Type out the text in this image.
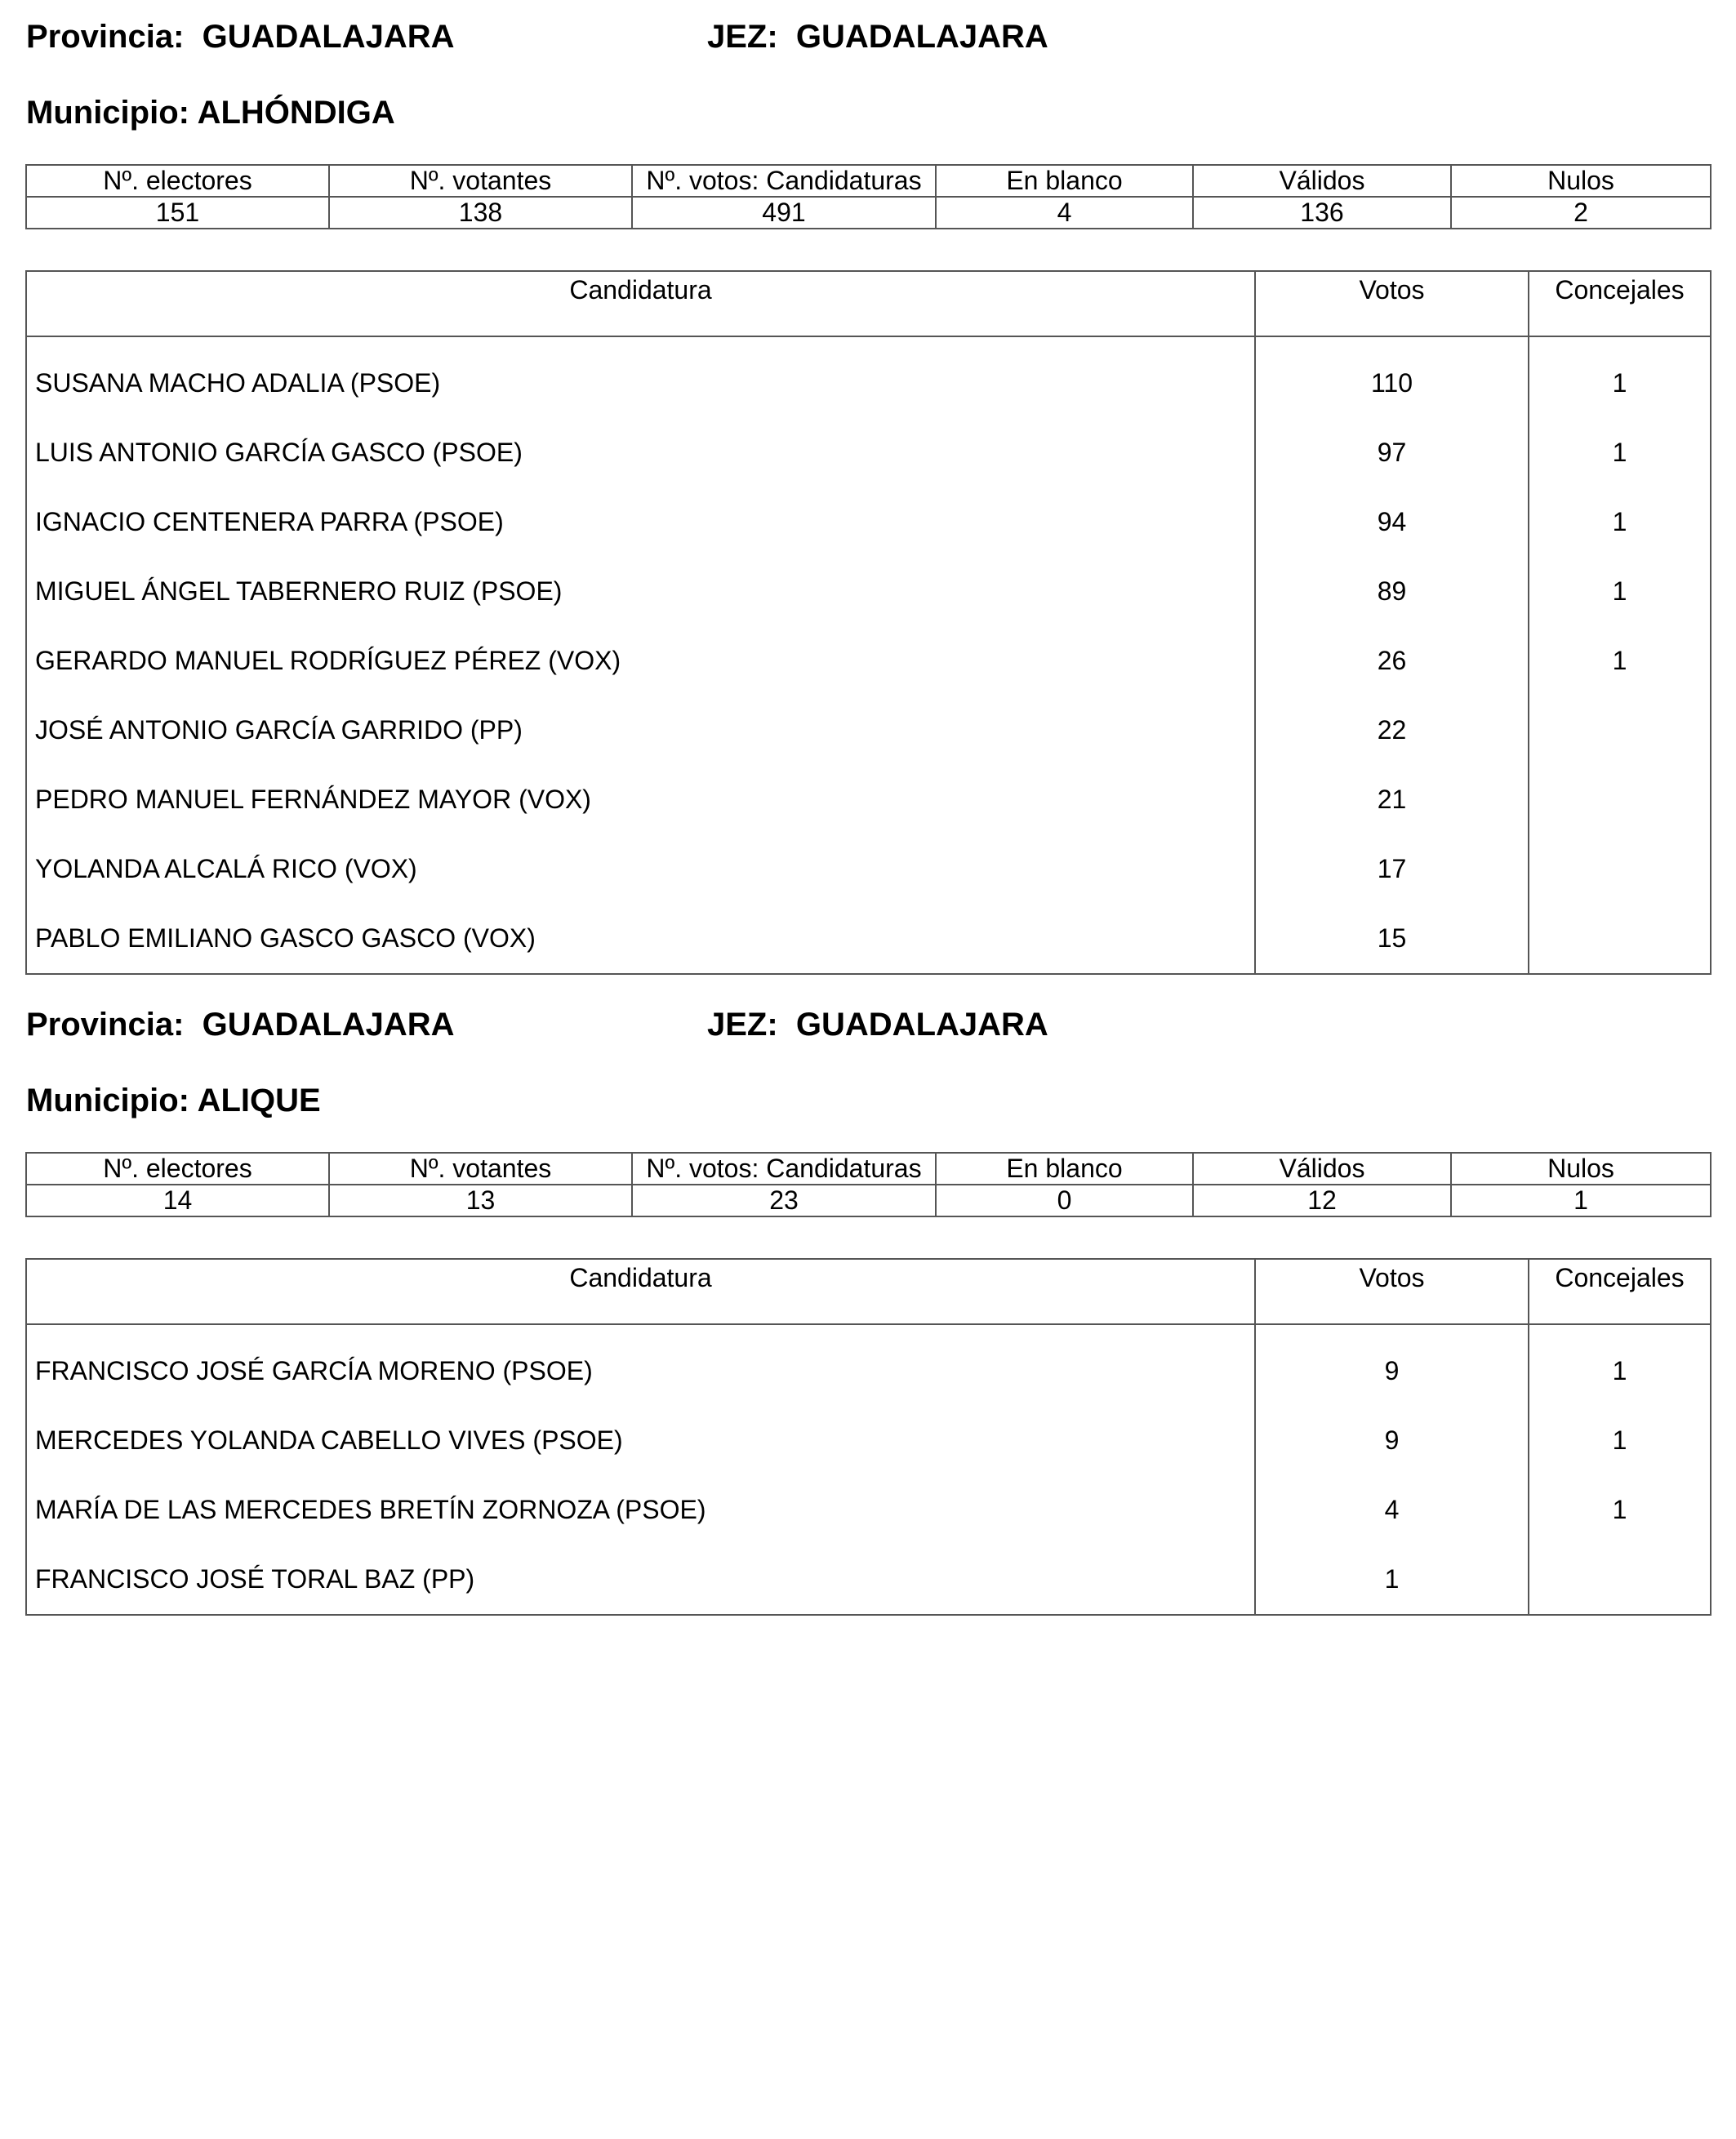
Provincia:  GUADALAJARA	JEZ:  GUADALAJARA
Municipio: ALHÓNDIGA
Nº. electores	Nº. votantes	Nº. votos: Candidaturas	En blanco	Válidos	Nulos
151	138	491	4	136	2
Candidatura	Votos	Concejales
SUSANA MACHO ADALIA (PSOE)	110	1
LUIS ANTONIO GARCÍA GASCO (PSOE)	97	1
IGNACIO CENTENERA PARRA (PSOE)	94	1
MIGUEL ÁNGEL TABERNERO RUIZ (PSOE)	89	1
GERARDO MANUEL RODRÍGUEZ PÉREZ (VOX)	26	1
JOSÉ ANTONIO GARCÍA GARRIDO (PP)	22	
PEDRO MANUEL FERNÁNDEZ MAYOR (VOX)	21	
YOLANDA ALCALÁ RICO (VOX)	17	
PABLO EMILIANO GASCO GASCO (VOX)	15	
Provincia:  GUADALAJARA	JEZ:  GUADALAJARA
Municipio: ALIQUE
Nº. electores	Nº. votantes	Nº. votos: Candidaturas	En blanco	Válidos	Nulos
14	13	23	0	12	1
Candidatura	Votos	Concejales
FRANCISCO JOSÉ GARCÍA MORENO (PSOE)	9	1
MERCEDES YOLANDA CABELLO VIVES (PSOE)	9	1
MARÍA DE LAS MERCEDES BRETÍN ZORNOZA (PSOE)	4	1
FRANCISCO JOSÉ TORAL BAZ (PP)	1	
